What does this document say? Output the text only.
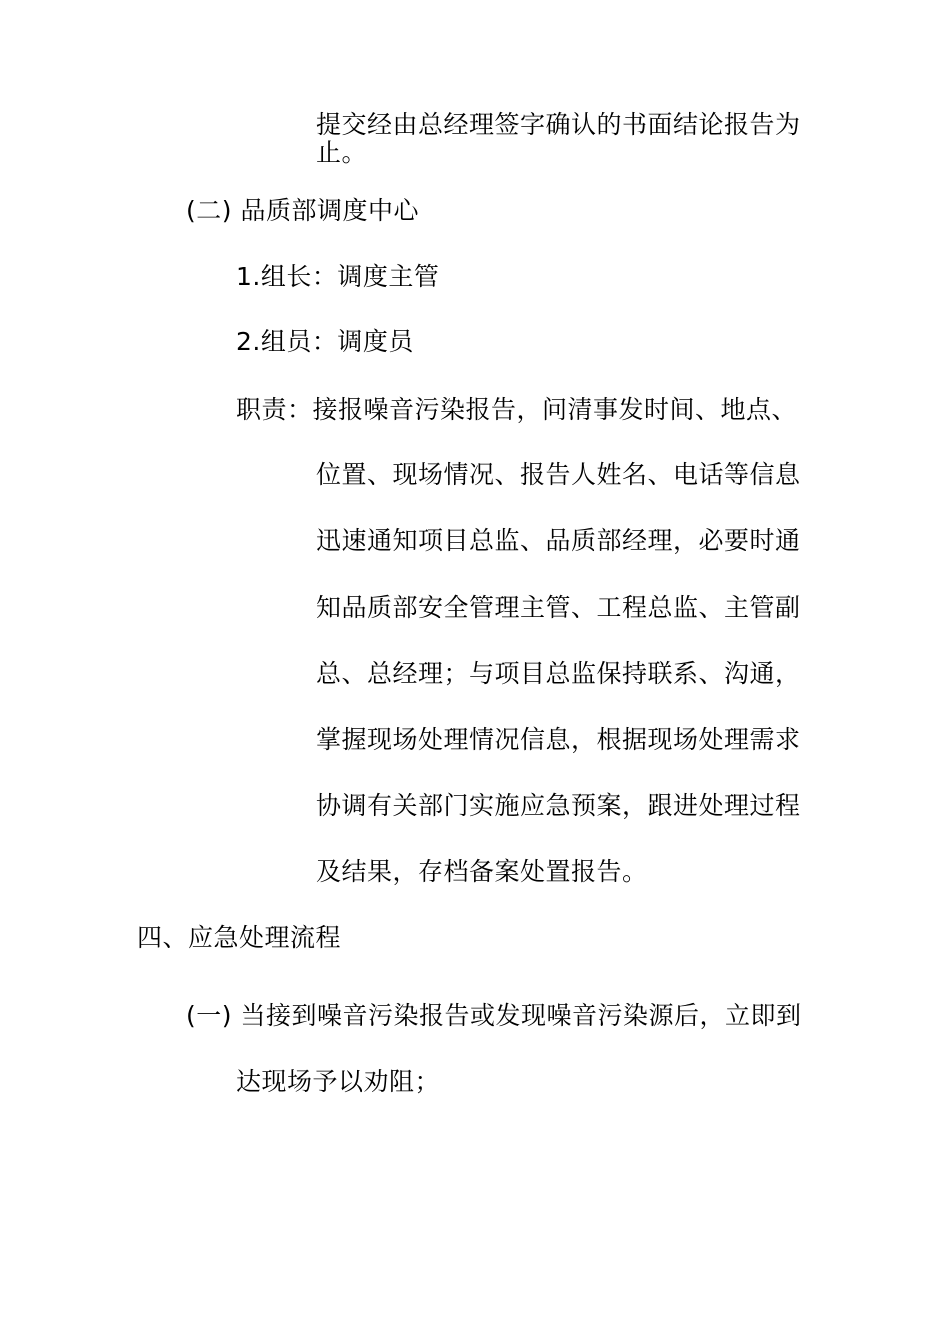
提交经由总经理签字确认的书面结论报告为
止。
(二) 品质部调度中心
1.组长：调度主管
2.组员：调度员
职责：接报噪音污染报告，问清事发时间、地点、
位置、现场情况、报告人姓名、电话等信息
迅速通知项目总监、品质部经理，必要时通
知品质部安全管理主管、工程总监、主管副
总、总经理；与项目总监保持联系、沟通，
掌握现场处理情况信息，根据现场处理需求
协调有关部门实施应急预案，跟进处理过程
及结果，存档备案处置报告。
四、应急处理流程
(一) 当接到噪音污染报告或发现噪音污染源后，立即到
达现场予以劝阻；
